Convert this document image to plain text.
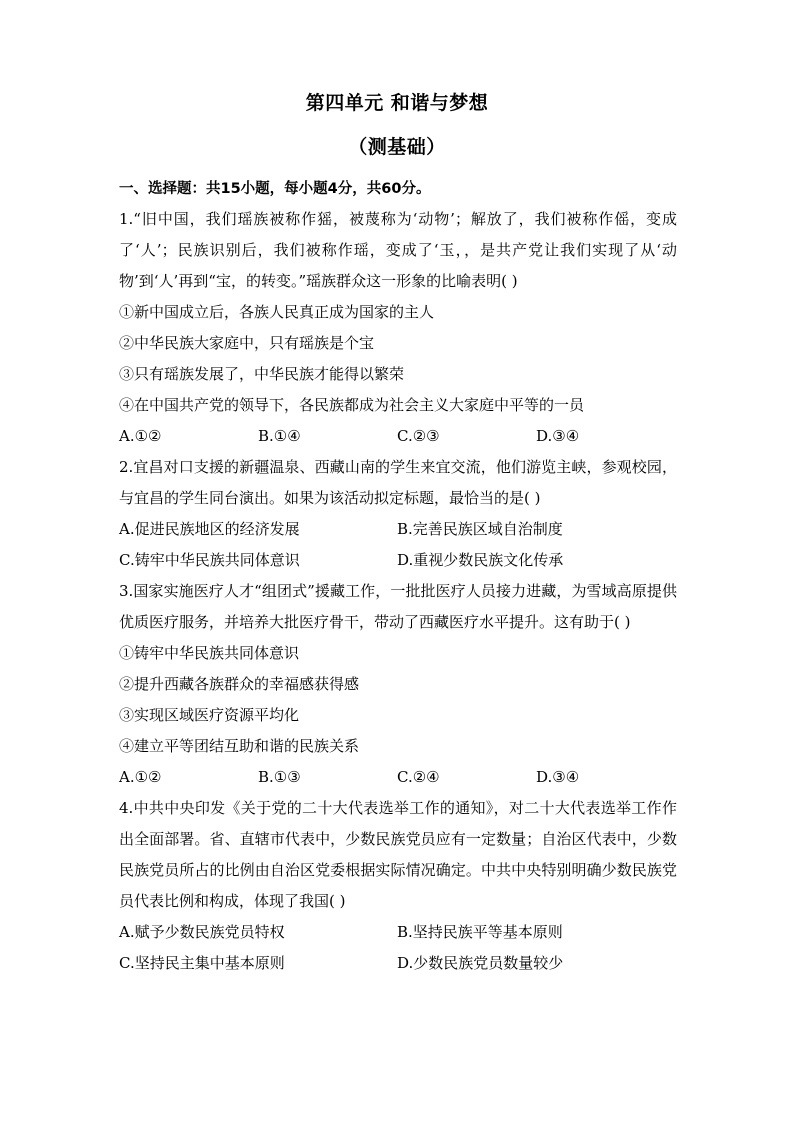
第四单元 和谐与梦想
（测基础）
一、选择题：共15小题，每小题4分，共60分。

1.“旧中国，我们瑶族被称作猺，被蔑称为‘动物’；解放了，我们被称作傜，变成了‘人’；民族识别后，我们被称作瑶，变成了‘玉，，是共产党让我们实现了从‘动物’到‘人’再到“宝，的转变。”瑶族群众这一形象的比喻表明( )

①新中国成立后，各族人民真正成为国家的主人

②中华民族大家庭中，只有瑶族是个宝

③只有瑶族发展了，中华民族才能得以繁荣

④在中国共产党的领导下，各民族都成为社会主义大家庭中平等的一员

A.①②	B.①④	C.②③	D.③④

2.宜昌对口支援的新疆温泉、西藏山南的学生来宜交流，他们游览主峡，参观校园，与宜昌的学生同台演出。如果为该活动拟定标题，最恰当的是( )

A.促进民族地区的经济发展	B.完善民族区域自治制度
C.铸牢中华民族共同体意识	D.重视少数民族文化传承

3.国家实施医疗人才“组团式”援藏工作，一批批医疗人员接力进藏，为雪域高原提供优质医疗服务，并培养大批医疗骨干，带动了西藏医疗水平提升。这有助于( )

①铸牢中华民族共同体意识

②提升西藏各族群众的幸福感获得感

③实现区域医疗资源平均化

④建立平等团结互助和谐的民族关系

A.①②	B.①③	C.②④	D.③④

4.中共中央印发《关于党的二十大代表选举工作的通知》，对二十大代表选举工作作出全面部署。省、直辖市代表中，少数民族党员应有一定数量；自治区代表中，少数民族党员所占的比例由自治区党委根据实际情况确定。中共中央特别明确少数民族党员代表比例和构成，体现了我国( )

A.赋予少数民族党员特权	B.坚持民族平等基本原则
C.坚持民主集中基本原则	D.少数民族党员数量较少
